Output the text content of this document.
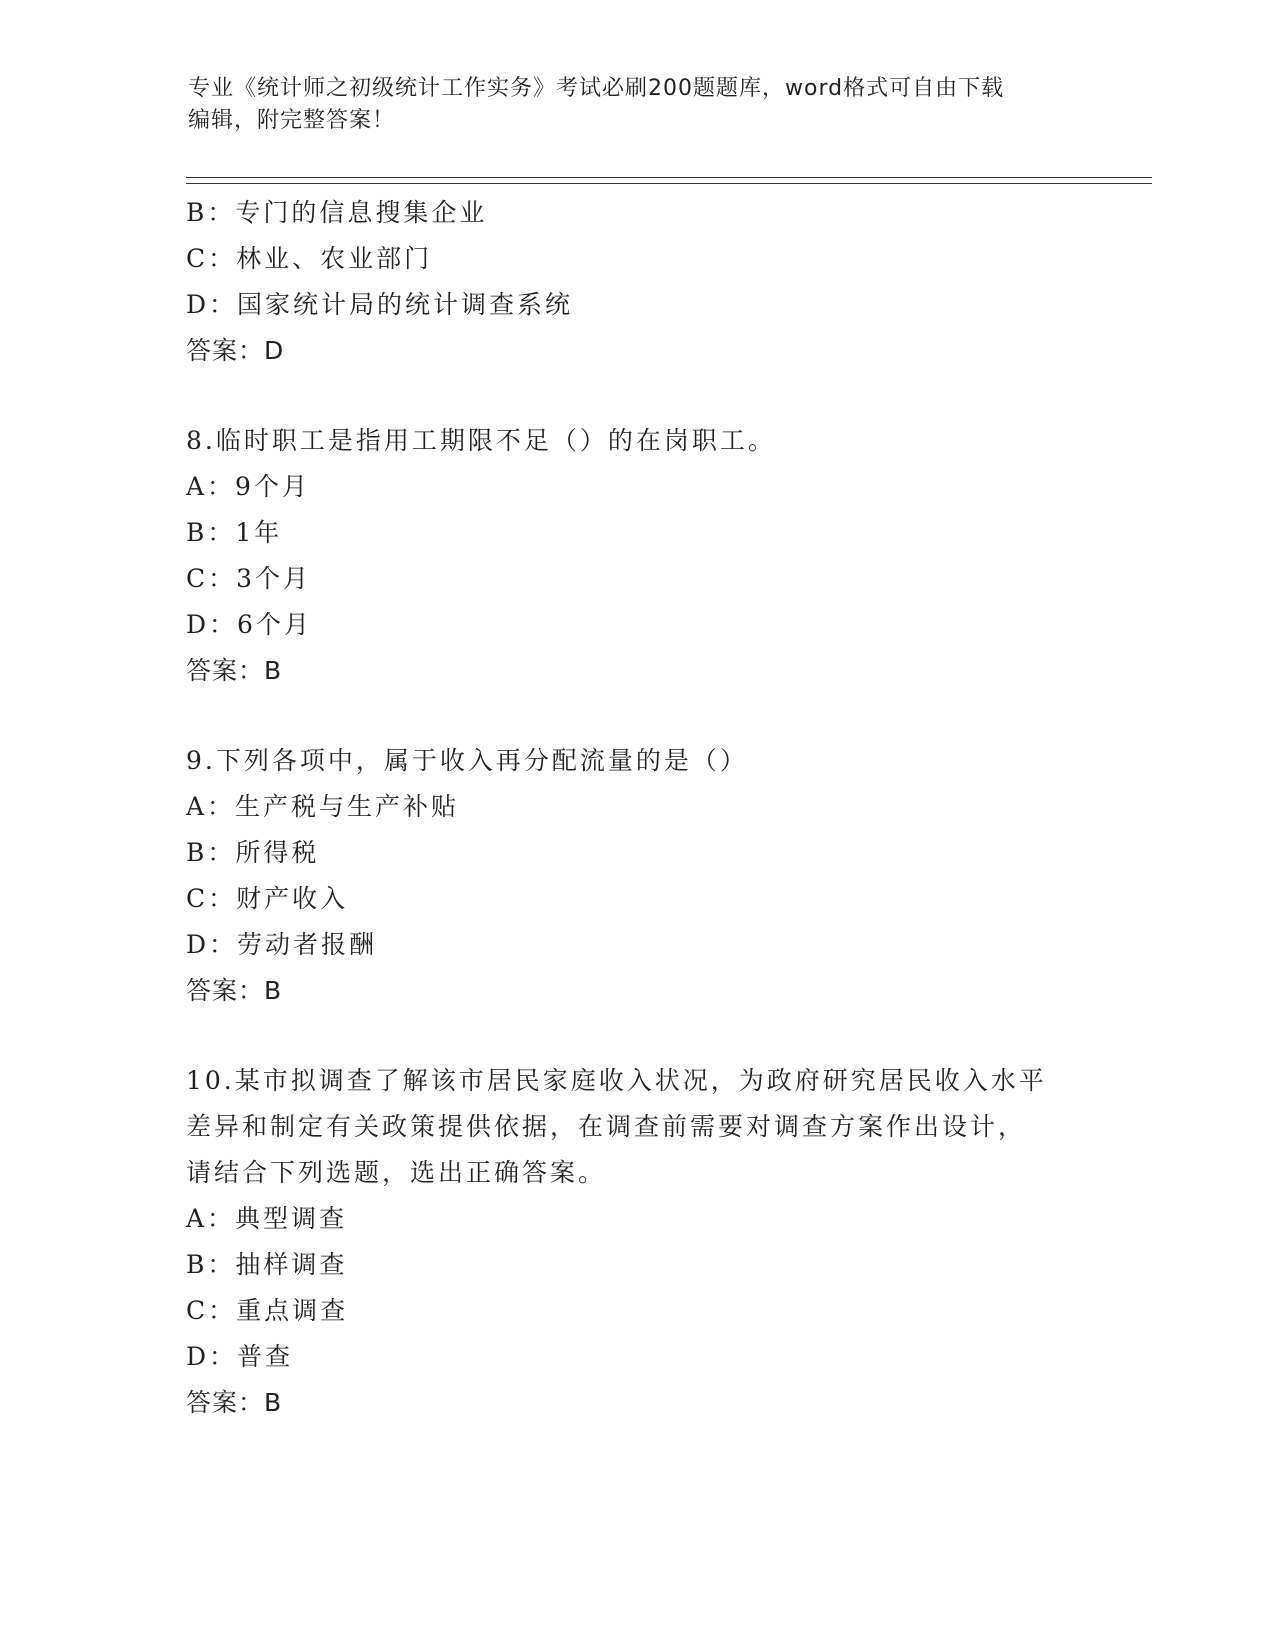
专业《统计师之初级统计工作实务》考试必刷200题题库，word格式可自由下载
编辑，附完整答案！
B：专门的信息搜集企业
C：林业、农业部门
D：国家统计局的统计调查系统
答案：D
8.临时职工是指用工期限不足（）的在岗职工。
A：9个月
B：1年
C：3个月
D：6个月
答案：B
9.下列各项中，属于收入再分配流量的是（）
A：生产税与生产补贴
B：所得税
C：财产收入
D：劳动者报酬
答案：B
10.某市拟调查了解该市居民家庭收入状况，为政府研究居民收入水平
差异和制定有关政策提供依据，在调查前需要对调查方案作出设计，
请结合下列选题，选出正确答案。
A：典型调查
B：抽样调查
C：重点调查
D：普查
答案：B
